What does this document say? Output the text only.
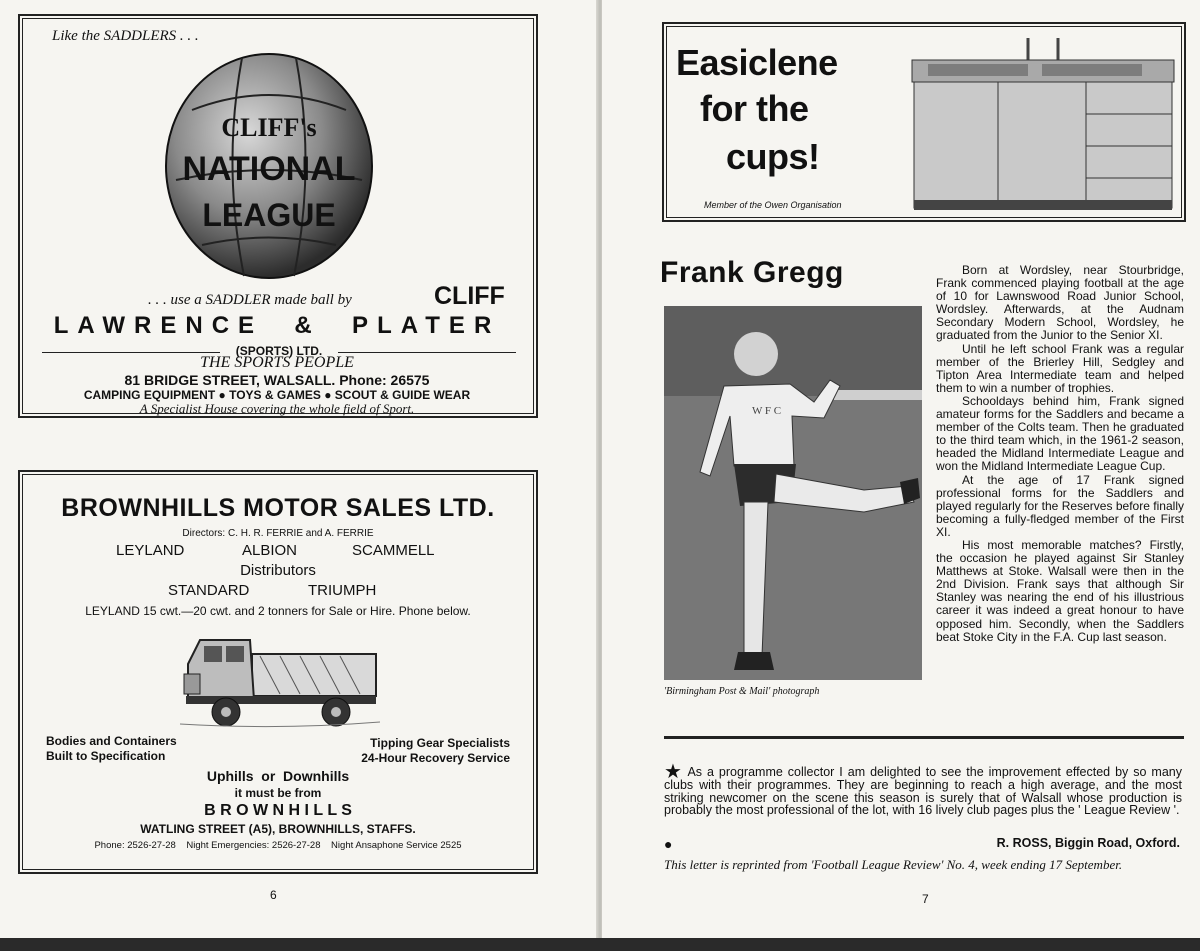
Like the SADDLERS . . .
CLIFF's
NATIONAL
LEAGUE
. . . use a SADDLER made ball by	CLIFF
LAWRENCE  &  PLATER
(SPORTS) LTD.
THE SPORTS PEOPLE
81 BRIDGE STREET, WALSALL. Phone: 26575
CAMPING EQUIPMENT ● TOYS & GAMES ● SCOUT & GUIDE WEAR
A Specialist House covering the whole field of Sport.
BROWNHILLS MOTOR SALES LTD.
Directors: C. H. R. FERRIE and A. FERRIE
LEYLAND	ALBION	SCAMMELL
Distributors
STANDARD	TRIUMPH
LEYLAND 15 cwt.—20 cwt. and 2 tonners for Sale or Hire. Phone below.
Bodies and Containers
Built to Specification
Tipping Gear Specialists
24-Hour Recovery Service
Uphills  or  Downhills
it must be from
B R O W N H I L L S
WATLING STREET (A5), BROWNHILLS, STAFFS.
Phone: 2526-27-28    Night Emergencies: 2526-27-28    Night Ansaphone Service 2525
6
Easiclene
for the
cups!
Member of the Owen Organisation
Frank Gregg
W F C
'Birmingham Post & Mail' photograph

Born at Wordsley, near Stourbridge, Frank commenced playing football at the age of 10 for Lawnswood Road Junior School, Wordsley. Afterwards, at the Audnam Secondary Modern School, Wordsley, he graduated from the Junior to the Senior XI.

Until he left school Frank was a regular member of the Brierley Hill, Sedgley and Tipton Area Intermediate team and helped them to win a number of trophies.

Schooldays behind him, Frank signed amateur forms for the Saddlers and became a member of the Colts team. Then he graduated to the third team which, in the 1961-2 season, headed the Midland Intermediate League and won the Midland Intermediate League Cup.

At the age of 17 Frank signed professional forms for the Saddlers and played regularly for the Reserves before finally becoming a fully-fledged member of the First XI.

His most memorable matches? Firstly, the occasion he played against Sir Stanley Matthews at Stoke. Walsall were then in the 2nd Division. Frank says that although Sir Stanley was nearing the end of his illustrious career it was indeed a great honour to have opposed him. Secondly, when the Saddlers beat Stoke City in the F.A. Cup last season.

★ As a programme collector I am delighted to see the improvement effected by so many clubs with their programmes. They are beginning to reach a high average, and the most striking newcomer on the scene this season is surely that of Walsall whose production is probably the most professional of the lot, with 16 lively club pages plus the ' League Review '.
●	R. ROSS, Biggin Road, Oxford.
This letter is reprinted from 'Football League Review' No. 4, week ending 17 September.
7
